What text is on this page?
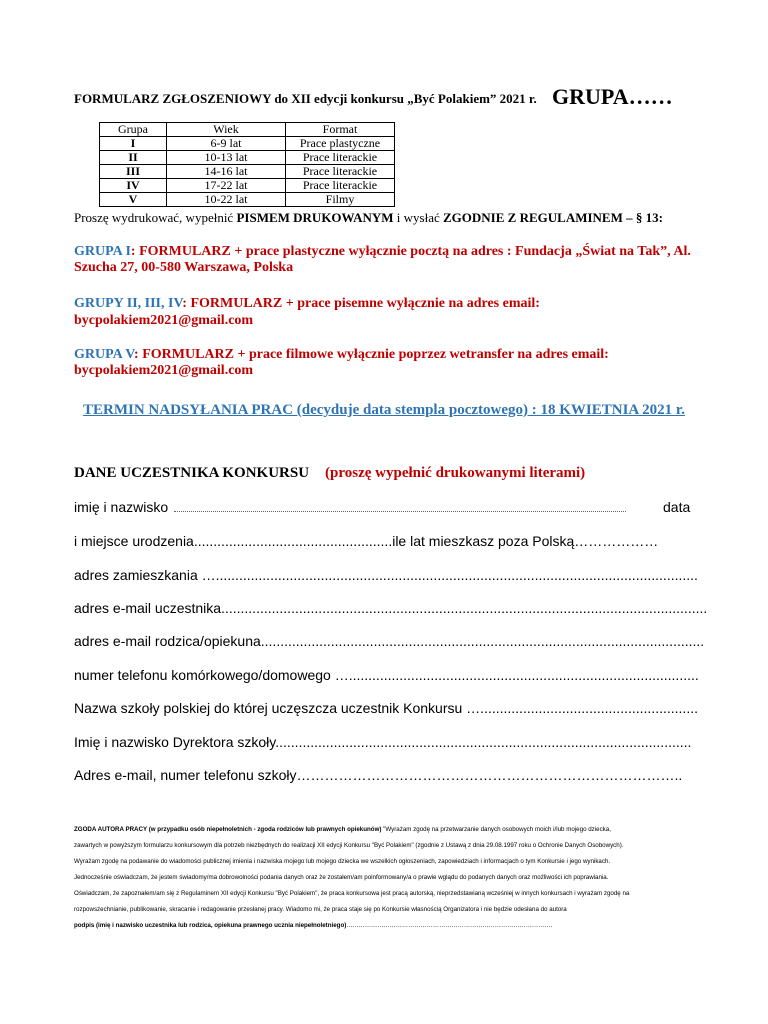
FORMULARZ ZGŁOSZENIOWY do XII edycji konkursu „Być Polakiem” 2021 r. GRUPA……
Grupa	Wiek	Format
I	6-9 lat	Prace plastyczne
II	10-13 lat	Prace literackie
III	14-16 lat	Prace literackie
IV	17-22 lat	Prace literackie
V	10-22 lat	Filmy
Proszę wydrukować, wypełnić PISMEM DRUKOWANYM i wysłać ZGODNIE Z REGULAMINEM – § 13:
GRUPA I: FORMULARZ + prace plastyczne wyłącznie pocztą na adres : Fundacja „Świat na Tak”, Al. Szucha 27, 00-580 Warszawa, Polska
GRUPY II, III, IV: FORMULARZ + prace pisemne wyłącznie na adres email: bycpolakiem2021@gmail.com
GRUPA V: FORMULARZ + prace filmowe wyłącznie poprzez wetransfer na adres email: bycpolakiem2021@gmail.com
TERMIN NADSYŁANIA PRAC (decyduje data stempla pocztowego) : 18 KWIETNIA 2021 r.
DANE UCZESTNIKA KONKURSU (proszę wypełnić drukowanymi literami)
imię i nazwisko	data
i miejsce urodzenia...................................................ile lat mieszkasz poza Polską………………
adres zamieszkania …............................................................................................................................
adres e-mail uczestnika.............................................................................................................................
adres e-mail rodzica/opiekuna..................................................................................................................
numer telefonu komórkowego/domowego …..........................................................................................
Nazwa szkoły polskiej do której uczęszcza uczestnik Konkursu …........................................................
Imię i nazwisko Dyrektora szkoły...........................................................................................................
Adres e-mail, numer telefonu szkoły………………………………………………………………………..
ZGODA AUTORA PRACY (w przypadku osób niepełnoletnich - zgoda rodziców lub prawnych opiekunów) "Wyrażam zgodę na przetwarzanie danych osobowych moich i/lub mojego dziecka,
zawartych w powyższym formularzu konkursowym dla potrzeb niezbędnych do realizacji XII edycji Konkursu "Być Polakiem" (zgodnie z Ustawą z dnia 29.08.1997 roku o Ochronie Danych Osobowych).
Wyrażam zgodę na podawanie do wiadomości publicznej imienia i nazwiska mojego lub mojego dziecka we wszelkich ogłoszeniach, zapowiedziach i informacjach o tym Konkursie i jego wynikach.
Jednocześnie oświadczam, że jestem świadomy/ma dobrowolności podania danych oraz że zostałem/am poinformowany/a o prawie wglądu do podanych danych oraz możliwości ich poprawiania.
Oświadczam, że zapoznałem/am się z Regulaminem XII edycji Konkursu "Być Polakiem", że praca konkursowa jest pracą autorską, nieprzedstawianą wcześniej w innych konkursach i wyrażam zgodę na
rozpowszechnianie, publikowanie, skracanie i redagowanie przesłanej pracy. Wiadomo mi, że praca staje się po Konkursie własnością Organizatora i nie będzie odesłana do autora
podpis (imię i nazwisko uczestnika lub rodzica, opiekuna prawnego ucznia niepełnoletniego)……………………………………………………………………………………….
